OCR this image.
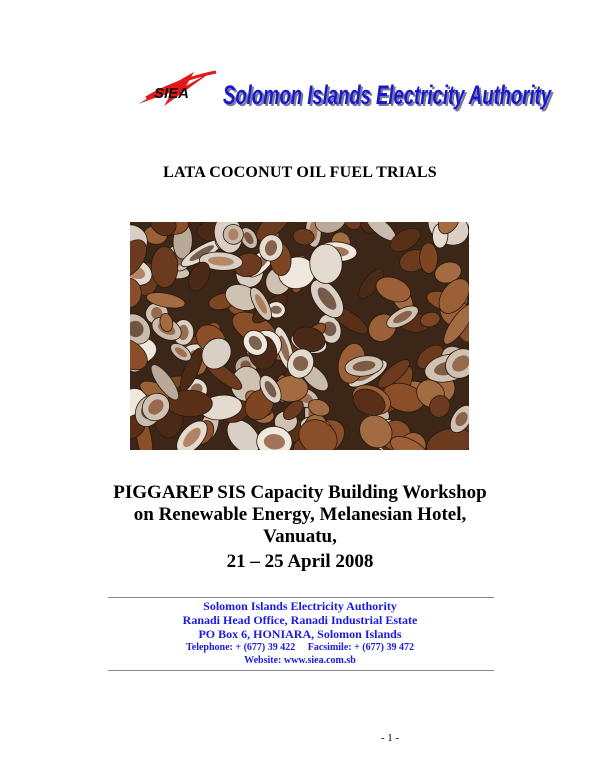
SIEA Solomon Islands Electricity Authority
Solomon Islands Electricity Authority
LATA COCONUT OIL FUEL TRIALS
PIGGAREP SIS Capacity Building Workshop
on Renewable Energy, Melanesian Hotel,
Vanuatu,
21 – 25 April 2008
Solomon Islands Electricity Authority
Ranadi Head Office, Ranadi Industrial Estate
PO Box 6, HONIARA, Solomon Islands
Telephone: + (677) 39 422     Facsimile: + (677) 39 472
Website: www.siea.com.sb
- 1 -
